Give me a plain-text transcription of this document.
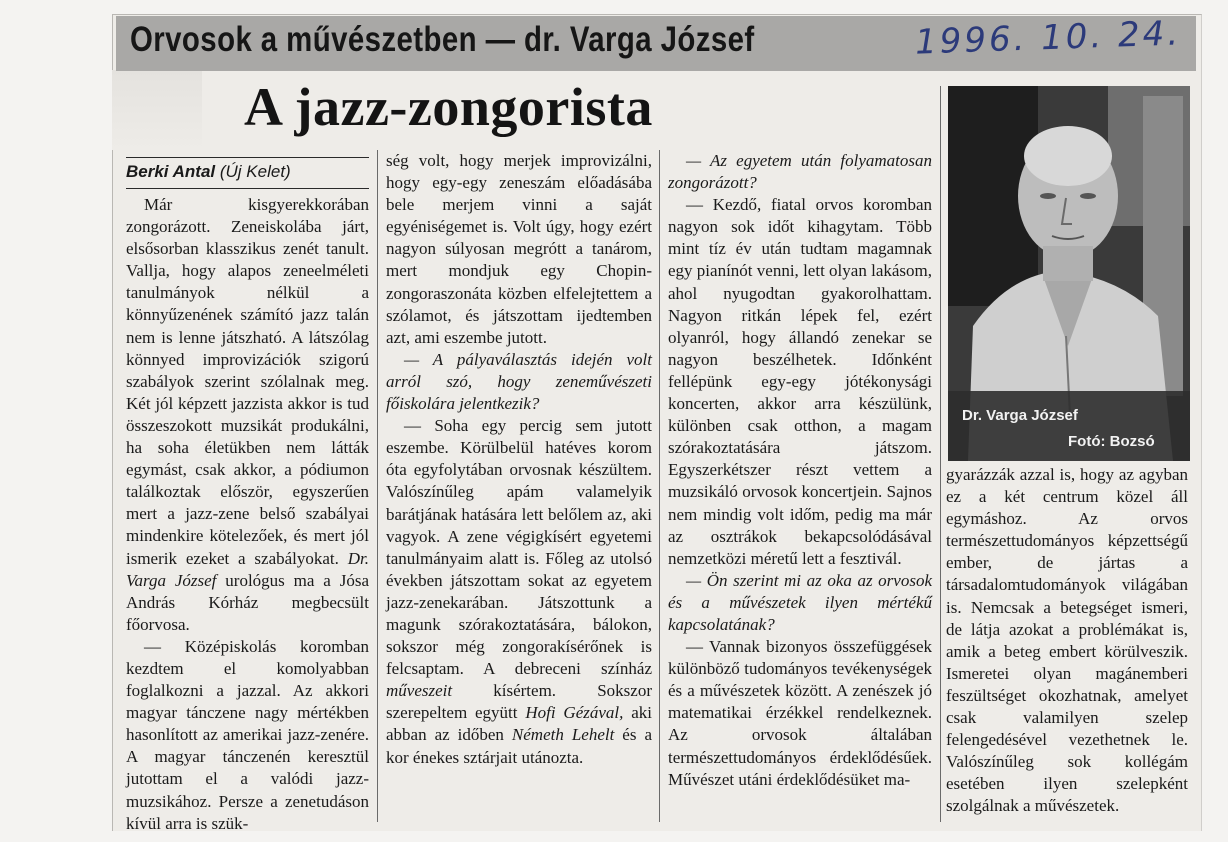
Orvosok a művészetben — dr. Varga József	1996. 10. 24.
A jazz-zongorista
Berki Antal (Új Kelet)

Már kisgyerekkorában zongorázott. Zeneiskolába járt, elsősorban klasszikus zenét tanult. Vallja, hogy alapos zeneelméleti tanulmányok nélkül a könnyűzenének számító jazz talán nem is lenne játszható. A látszólag könnyed improvizációk szigorú szabályok szerint szólalnak meg. Két jól képzett jazzista akkor is tud összeszokott muzsikát produkálni, ha soha életükben nem látták egymást, csak akkor, a pódiumon találkoztak először, egyszerűen mert a jazz-zene belső szabályai mindenkire kötelezőek, és mert jól ismerik ezeket a szabályokat. Dr. Varga József urológus ma a Jósa András Kórház megbecsült főorvosa.

— Középiskolás koromban kezdtem el komolyabban foglalkozni a jazzal. Az akkori magyar tánczene nagy mértékben hasonlított az amerikai jazz-zenére. A magyar tánczenén keresztül jutottam el a valódi jazz-muzsikához. Persze a zenetudáson kívül arra is szük-

ség volt, hogy merjek improvizálni, hogy egy-egy zeneszám előadásába bele merjem vinni a saját egyéniségemet is. Volt úgy, hogy ezért nagyon súlyosan megrótt a tanárom, mert mondjuk egy Chopin-zongoraszonáta közben elfelejtettem a szólamot, és játszottam ijedtemben azt, ami eszembe jutott.

— A pályaválasztás idején volt arról szó, hogy zeneművészeti főiskolára jelentkezik?

— Soha egy percig sem jutott eszembe. Körülbelül hatéves korom óta egyfolytában orvosnak készültem. Valószínűleg apám valamelyik barátjának hatására lett belőlem az, aki vagyok. A zene végigkísért egyetemi tanulmányaim alatt is. Főleg az utolsó években játszottam sokat az egyetem jazz-zenekarában. Játszottunk a magunk szórakoztatására, bálokon, sokszor még zongorakísérőnek is felcsaptam. A debreceni színház műveszeit kísértem. Sokszor szerepeltem együtt Hofi Gézával, aki abban az időben Németh Lehelt és a kor énekes sztárjait utánozta.

— Az egyetem után folyamatosan zongorázott?

— Kezdő, fiatal orvos koromban nagyon sok időt kihagytam. Több mint tíz év után tudtam magamnak egy pianínót venni, lett olyan lakásom, ahol nyugodtan gyakorolhattam. Nagyon ritkán lépek fel, ezért olyanról, hogy állandó zenekar se nagyon beszélhetek. Időnként fellépünk egy-egy jótékonysági koncerten, akkor arra készülünk, különben csak otthon, a magam szórakoztatására játszom. Egyszerkétszer részt vettem a muzsikáló orvosok koncertjein. Sajnos nem mindig volt időm, pedig ma már az osztrákok bekapcsolódásával nemzetközi méretű lett a fesztivál.

— Ön szerint mi az oka az orvosok és a művészetek ilyen mértékű kapcsolatának?

— Vannak bizonyos összefüggések különböző tudományos tevékenységek és a művészetek között. A zenészek jó matematikai érzékkel rendelkeznek. Az orvosok általában természettudományos érdeklődésűek. Művészet utáni érdeklődésüket ma-

Dr. Varga József
Fotó: Bozsó

gyarázzák azzal is, hogy az agyban ez a két centrum közel áll egymáshoz. Az orvos természettudományos képzettségű ember, de jártas a társadalomtudományok világában is. Nemcsak a betegséget ismeri, de látja azokat a problémákat is, amik a beteg embert körülveszik. Ismeretei olyan magánemberi feszültséget okozhatnak, amelyet csak valamilyen szelep felengedésével vezethetnek le. Valószínűleg sok kollégám esetében ilyen szelepként szolgálnak a művészetek.
